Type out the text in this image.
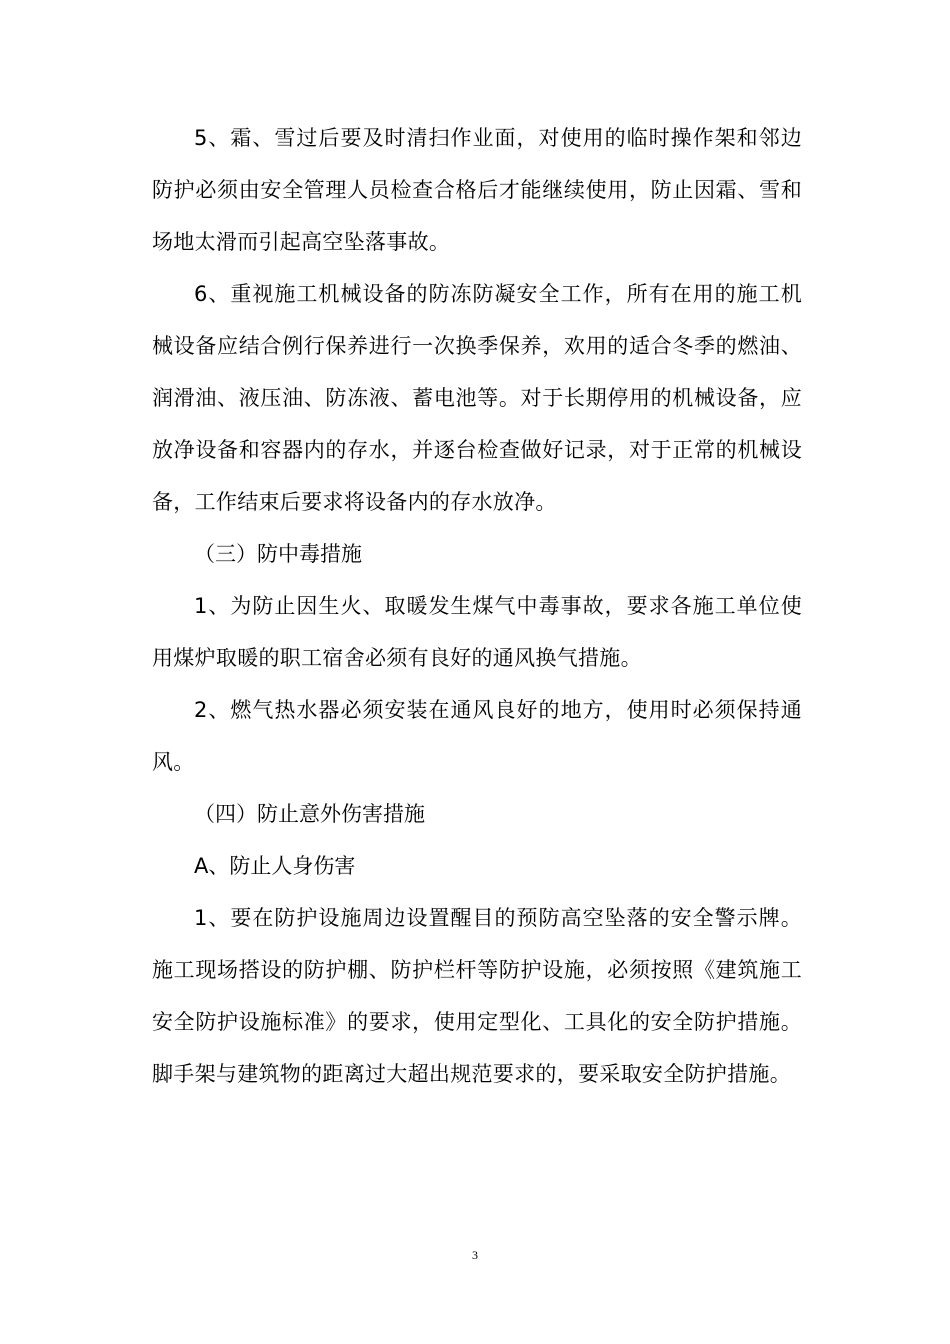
5、霜、雪过后要及时清扫作业面，对使用的临时操作架和邻边防护必须由安全管理人员检查合格后才能继续使用，防止因霜、雪和场地太滑而引起高空坠落事故。

6、重视施工机械设备的防冻防凝安全工作，所有在用的施工机械设备应结合例行保养进行一次换季保养，欢用的适合冬季的燃油、润滑油、液压油、防冻液、蓄电池等。对于长期停用的机械设备，应放净设备和容器内的存水，并逐台检查做好记录，对于正常的机械设备，工作结束后要求将设备内的存水放净。

（三）防中毒措施

1、为防止因生火、取暖发生煤气中毒事故，要求各施工单位使用煤炉取暖的职工宿舍必须有良好的通风换气措施。

2、燃气热水器必须安装在通风良好的地方，使用时必须保持通风。

（四）防止意外伤害措施

A、防止人身伤害

1、要在防护设施周边设置醒目的预防高空坠落的安全警示牌。施工现场搭设的防护棚、防护栏杆等防护设施，必须按照《建筑施工安全防护设施标准》的要求，使用定型化、工具化的安全防护措施。脚手架与建筑物的距离过大超出规范要求的，要采取安全防护措施。

3
